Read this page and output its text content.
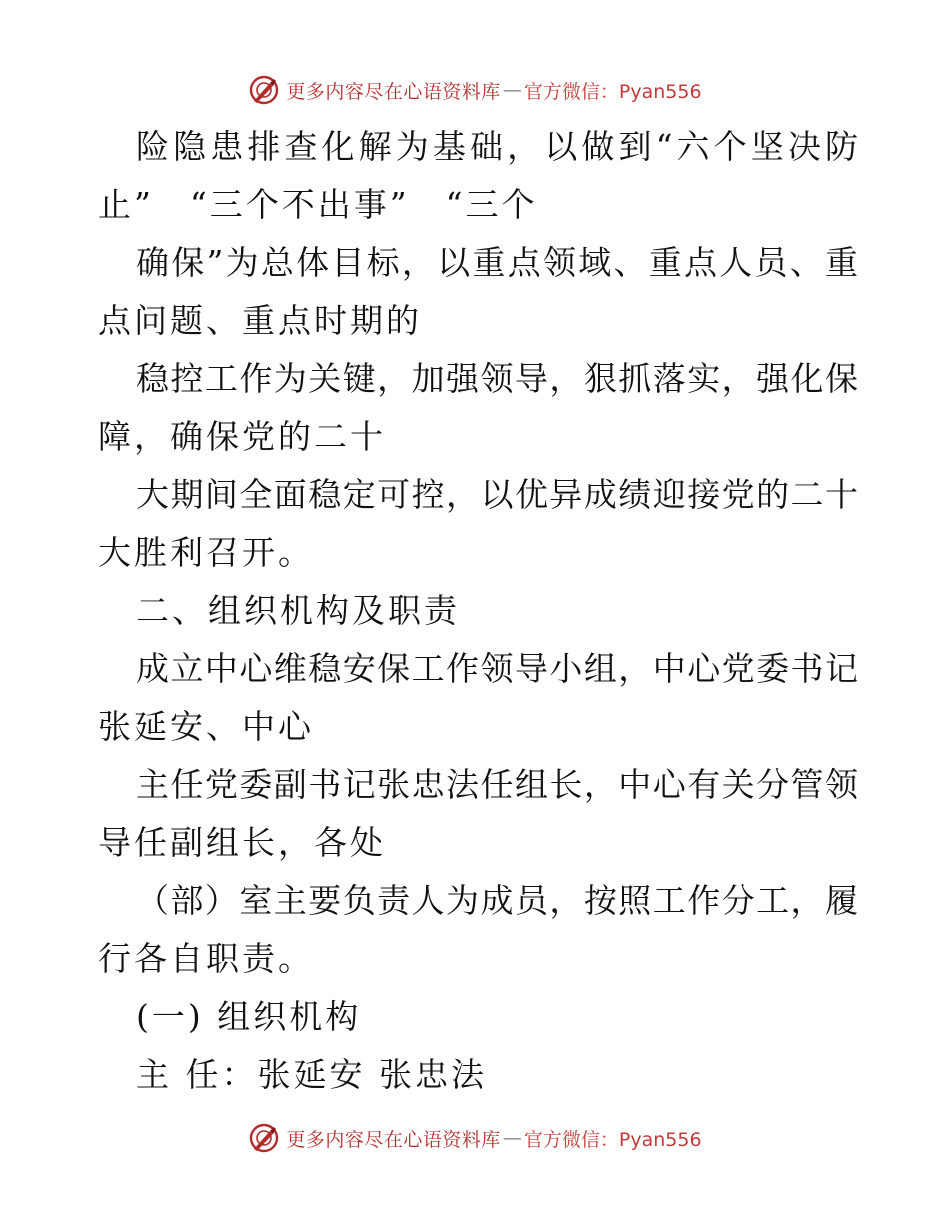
更多内容尽在心语资料库 — 官方微信：Pyan556
险隐患排查化解为基础，以做到“六个坚决防
止”　“三个不出事”　“三个
确保”为总体目标，以重点领域、重点人员、重
点问题、重点时期的
稳控工作为关键，加强领导，狠抓落实，强化保
障，确保党的二十
大期间全面稳定可控，以优异成绩迎接党的二十
大胜利召开。
二、组织机构及职责
成立中心维稳安保工作领导小组，中心党委书记
张延安、中心
主任党委副书记张忠法任组长，中心有关分管领
导任副组长，各处
（部）室主要负责人为成员，按照工作分工，履
行各自职责。
(一) 组织机构
主 任：张延安 张忠法
更多内容尽在心语资料库 — 官方微信：Pyan556
